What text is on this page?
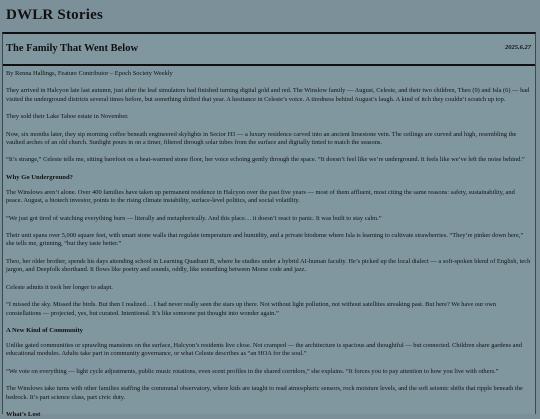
DWLR Stories
The Family That Went Below	2025.6.27

By Renna Hallings, Feature Contributor – Epoch Society Weekly

They arrived in Halcyon late last autumn, just after the leaf simulators had finished turning digital gold and red. The Winslow family — August, Celeste, and their two children, Theo (9) and Isla (6) — had visited the underground districts several times before, but something shifted that year. A hesitance in Celeste’s voice. A tiredness behind August’s laugh. A kind of itch they couldn’t scratch up top.

They sold their Lake Tahoe estate in November.

Now, six months later, they sip morning coffee beneath engineered skylights in Sector H3 — a luxury residence carved into an ancient limestone vein. The ceilings are curved and high, resembling the vaulted arches of an old church. Sunlight pours in on a timer, filtered through solar tubes from the surface and digitally tinted to match the seasons.

“It’s strange,” Celeste tells me, sitting barefoot on a heat-warmed stone floor, her voice echoing gently through the space. “It doesn’t feel like we’re underground. It feels like we’ve left the noise behind.”

Why Go Underground?

The Winslows aren’t alone. Over 400 families have taken up permanent residence in Halcyon over the past five years — most of them affluent, most citing the same reasons: safety, sustainability, and peace. August, a biotech investor, points to the rising climate instability, surface-level politics, and social volatility.

“We just got tired of watching everything burn — literally and metaphorically. And this place… it doesn’t react to panic. It was built to stay calm.”

Their unit spans over 5,000 square feet, with smart stone walls that regulate temperature and humidity, and a private biodome where Isla is learning to cultivate strawberries. “They’re pinker down here,” she tells me, grinning, “but they taste better.”

Theo, her older brother, spends his days attending school in Learning Quadrant B, where he studies under a hybrid AI-human faculty. He’s picked up the local dialect — a soft-spoken blend of English, tech jargon, and Deepfolk shorthand. It flows like poetry and sounds, oddly, like something between Morse code and jazz.

Celeste admits it took her longer to adapt.

“I missed the sky. Missed the birds. But then I realized… I had never really seen the stars up there. Not without light pollution, not without satellites streaking past. But here? We have our own constellations — projected, yes, but curated. Intentional. It’s like someone put thought into wonder again.”

A New Kind of Community

Unlike gated communities or sprawling mansions on the surface, Halcyon’s residents live close. Not cramped — the architecture is spacious and thoughtful — but connected. Children share gardens and educational modules. Adults take part in community governance, or what Celeste describes as “an HOA for the soul.”

“We vote on everything — light cycle adjustments, public music rotations, even scent profiles in the shared corridors,” she explains. “It forces you to pay attention to how you live with others.”

The Winslows take turns with other families staffing the communal observatory, where kids are taught to read atmospheric sensors, rock moisture levels, and the soft seismic shifts that ripple beneath the bedrock. It’s part science class, part civic duty.

What’s Lost
